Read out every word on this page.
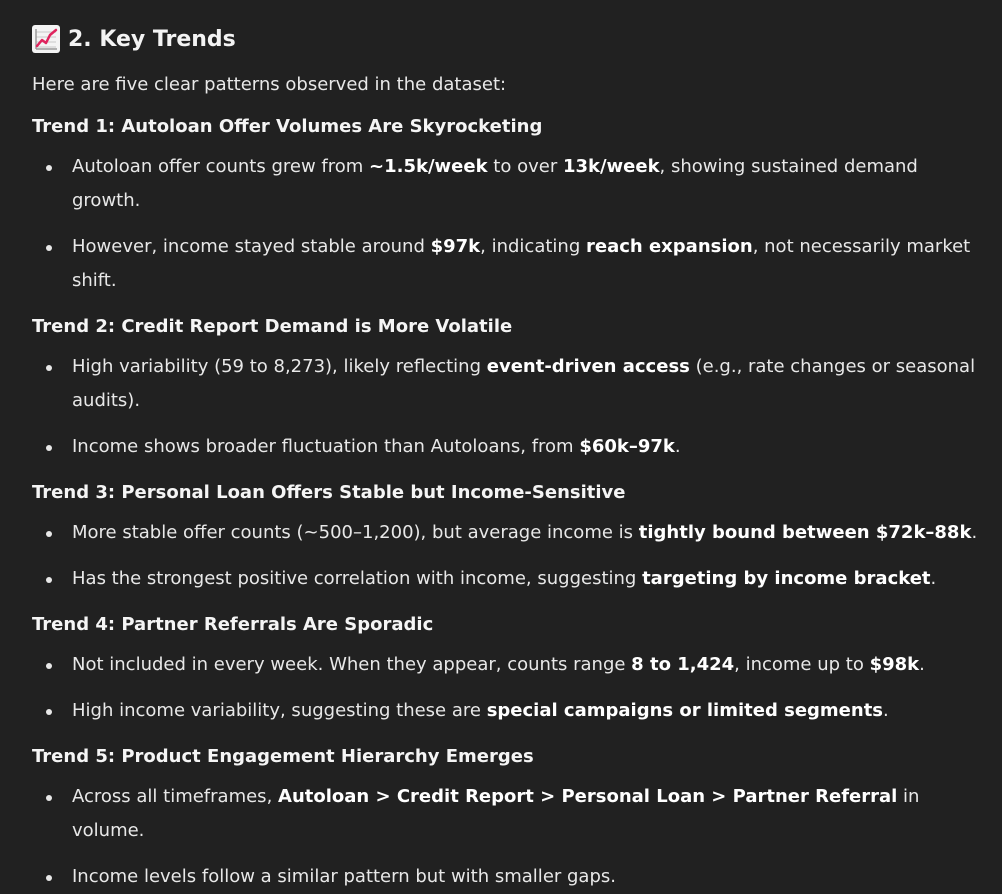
2. Key Trends

Here are five clear patterns observed in the dataset:

Trend 1: Autoloan Offer Volumes Are Skyrocketing
Autoloan offer counts grew from ~1.5k/week to over 13k/week, showing sustained demand growth.
However, income stayed stable around $97k, indicating reach expansion, not necessarily market shift.
Trend 2: Credit Report Demand is More Volatile
High variability (59 to 8,273), likely reflecting event-driven access (e.g., rate changes or seasonal audits).
Income shows broader fluctuation than Autoloans, from $60k–97k.
Trend 3: Personal Loan Offers Stable but Income-Sensitive
More stable offer counts (~500–1,200), but average income is tightly bound between $72k–88k.
Has the strongest positive correlation with income, suggesting targeting by income bracket.
Trend 4: Partner Referrals Are Sporadic
Not included in every week. When they appear, counts range 8 to 1,424, income up to $98k.
High income variability, suggesting these are special campaigns or limited segments.
Trend 5: Product Engagement Hierarchy Emerges
Across all timeframes, Autoloan > Credit Report > Personal Loan > Partner Referral in volume.
Income levels follow a similar pattern but with smaller gaps.
